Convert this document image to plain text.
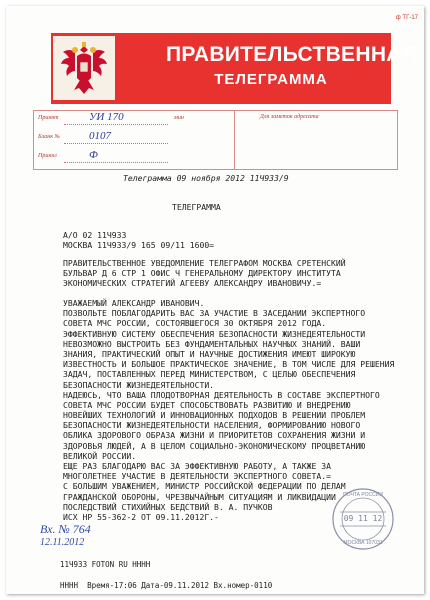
ф ТГ-17
ПРАВИТЕЛЬСТВЕННАЯ
ТЕЛЕГРАММА
Принят	УИ 170	мин
Бланк №	0107
Принял	Ф
Для заметок адресата
Телеграмма 09 ноября 2012 11Ч933/9
ТЕЛЕГРАММА
А/О 02 11Ч933
МОСКВА 11Ч933/9 165 09/11 1600=
ПРАВИТЕЛЬСТВЕННОЕ УВЕДОМЛЕНИЕ ТЕЛЕГРАФОМ МОСКВА СРЕТЕНСКИЙ
БУЛЬВАР Д 6 СТР 1 ОФИС Ч ГЕНЕРАЛЬНОМУ ДИРЕКТОРУ ИНСТИТУТА
ЭКОНОМИЧЕСКИХ СТРАТЕГИЙ АГЕЕВУ АЛЕКСАНДРУ ИВАНОВИЧУ.=
УВАЖАЕМЫЙ АЛЕКСАНДР ИВАНОВИЧ.
ПОЗВОЛЬТЕ ПОБЛАГОДАРИТЬ ВАС ЗА УЧАСТИЕ В ЗАСЕДАНИИ ЭКСПЕРТНОГО
СОВЕТА МЧС РОССИИ, СОСТОЯВШЕГОСЯ 30 ОКТЯБРЯ 2012 ГОДА.
ЭФФЕКТИВНУЮ СИСТЕМУ ОБЕСПЕЧЕНИЯ БЕЗОПАСНОСТИ ЖИЗНЕДЕЯТЕЛЬНОСТИ
НЕВОЗМОЖНО ВЫСТРОИТЬ БЕЗ ФУНДАМЕНТАЛЬНЫХ НАУЧНЫХ ЗНАНИЙ. ВАШИ
ЗНАНИЯ, ПРАКТИЧЕСКИЙ ОПЫТ И НАУЧНЫЕ ДОСТИЖЕНИЯ ИМЕЮТ ШИРОКУЮ
ИЗВЕСТНОСТЬ И БОЛЬШОЕ ПРАКТИЧЕСКОЕ ЗНАЧЕНИЕ, В ТОМ ЧИСЛЕ ДЛЯ РЕШЕНИЯ
ЗАДАЧ, ПОСТАВЛЕННЫХ ПЕРЕД МИНИСТЕРСТВОМ, С ЦЕЛЬЮ ОБЕСПЕЧЕНИЯ
БЕЗОПАСНОСТИ ЖИЗНЕДЕЯТЕЛЬНОСТИ.
НАДЕЮСЬ, ЧТО ВАША ПЛОДОТВОРНАЯ ДЕЯТЕЛЬНОСТЬ В СОСТАВЕ ЭКСПЕРТНОГО
СОВЕТА МЧС РОССИИ БУДЕТ СПОСОБСТВОВАТЬ РАЗВИТИЮ И ВНЕДРЕНИЮ
НОВЕЙШИХ ТЕХНОЛОГИЙ И ИННОВАЦИОННЫХ ПОДХОДОВ В РЕШЕНИИ ПРОБЛЕМ
БЕЗОПАСНОСТИ ЖИЗНЕДЕЯТЕЛЬНОСТИ НАСЕЛЕНИЯ, ФОРМИРОВАНИЮ НОВОГО
ОБЛИКА ЗДОРОВОГО ОБРАЗА ЖИЗНИ И ПРИОРИТЕТОВ СОХРАНЕНИЯ ЖИЗНИ И
ЗДОРОВЬЯ ЛЮДЕЙ, А В ЦЕЛОМ СОЦИАЛЬНО-ЭКОНОМИЧЕСКОМУ ПРОЦВЕТАНИЮ
ВЕЛИКОЙ РОССИИ.
ЕЩЕ РАЗ БЛАГОДАРЮ ВАС ЗА ЭФФЕКТИВНУЮ РАБОТУ, А ТАКЖЕ ЗА
МНОГОЛЕТНЕЕ УЧАСТИЕ В ДЕЯТЕЛЬНОСТИ ЭКСПЕРТНОГО СОВЕТА.=
С БОЛЬШИМ УВАЖЕНИЕМ, МИНИСТР РОССИЙСКОЙ ФЕДЕРАЦИИ ПО ДЕЛАМ
ГРАЖДАНСКОЙ ОБОРОНЫ, ЧРЕЗВЫЧАЙНЫМ СИТУАЦИЯМ И ЛИКВИДАЦИИ
ПОСЛЕДСТВИЙ СТИХИЙНЫХ БЕДСТВИЙ В. А. ПУЧКОВ
ИСХ НР 55-362-2 ОТ 09.11.2012Г.-
Вх. № 764
12.11.2012
ПОЧТА РОССИИ
09 11 12
МОСКВА 107031
11Ч933 FOTON RU НННН
НННН  Время-17:06 Дата-09.11.2012 Вх.номер-0110
